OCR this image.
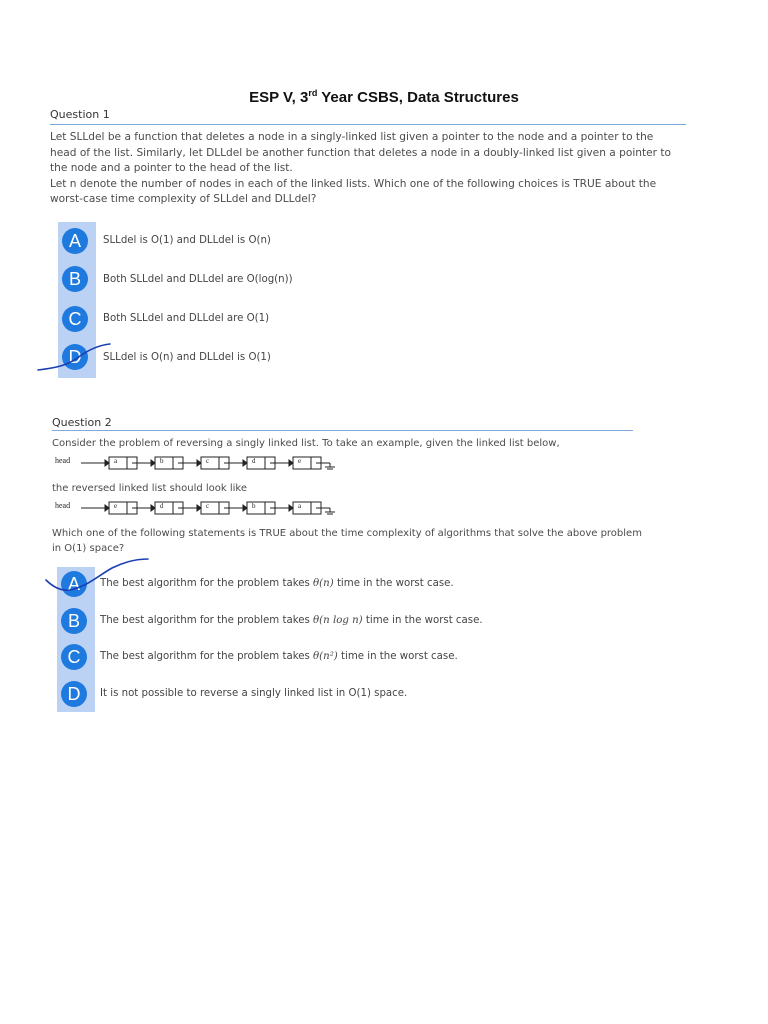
ESP V, 3rd Year CSBS, Data Structures
Question 1
Let SLLdel be a function that deletes a node in a singly-linked list given a pointer to the node and a pointer to the
head of the list. Similarly, let DLLdel be another function that deletes a node in a doubly-linked list given a pointer to
the node and a pointer to the head of the list.
Let n denote the number of nodes in each of the linked lists. Which one of the following choices is TRUE about the
worst-case time complexity of SLLdel and DLLdel?
A	SLLdel is O(1) and DLLdel is O(n)
B	Both SLLdel and DLLdel are O(log(n))
C	Both SLLdel and DLLdel are O(1)
D	SLLdel is O(n) and DLLdel is O(1)
Question 2
Consider the problem of reversing a singly linked list. To take an example, given the linked list below,
head	a	b	c	d	e
the reversed linked list should look like
head	e	d	c	b	a
Which one of the following statements is TRUE about the time complexity of algorithms that solve the above problem
in O(1) space?
A	The best algorithm for the problem takes θ(n) time in the worst case.
B	The best algorithm for the problem takes θ(n log n) time in the worst case.
C	The best algorithm for the problem takes θ(n²) time in the worst case.
D	It is not possible to reverse a singly linked list in O(1) space.
